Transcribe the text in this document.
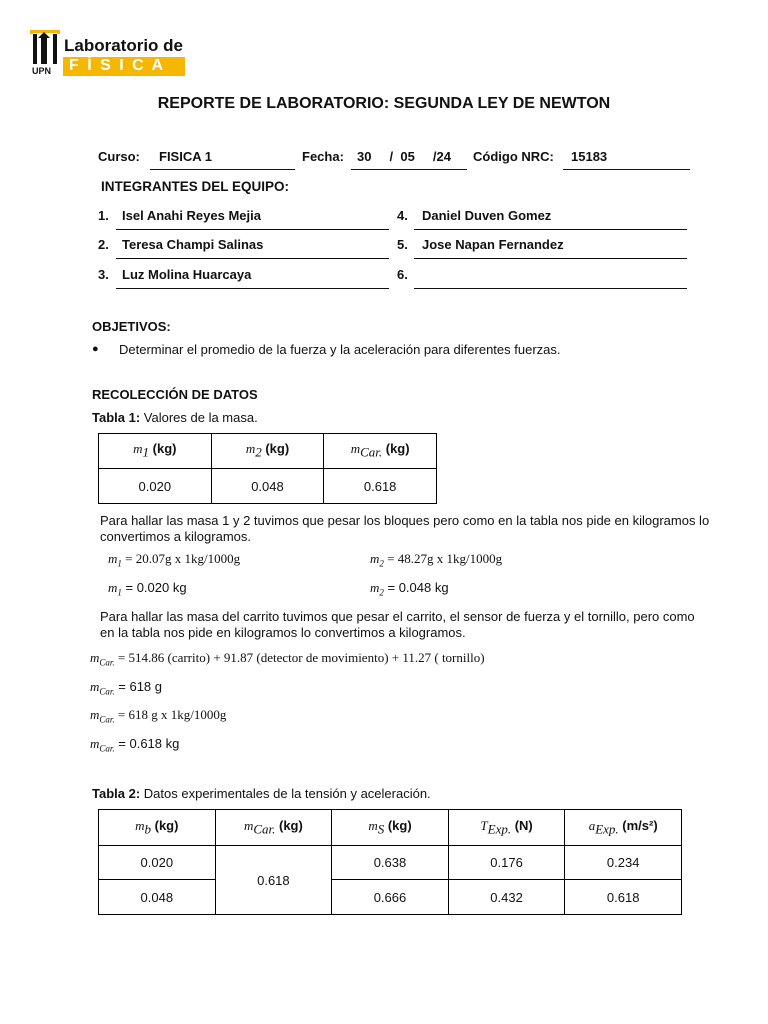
UPN
Laboratorio de
F Í S I C A
REPORTE DE LABORATORIO: SEGUNDA LEY DE NEWTON
Curso: FISICA 1	Fecha: 30     /  05     /24 Código NRC: 15183
INTEGRANTES DEL EQUIPO:
1. Isel Anahi Reyes Mejia
2. Teresa Champi Salinas
3. Luz Molina Huarcaya
4. Daniel Duven Gomez
5. Jose Napan Fernandez
6.
OBJETIVOS:
● Determinar el promedio de la fuerza y la aceleración para diferentes fuerzas.
RECOLECCIÓN DE DATOS
Tabla 1: Valores de la masa.
$m_1$ (kg)	$m_2$ (kg)	$m_{Car.}$ (kg)
0.020	0.048	0.618
Para hallar las masa 1 y 2 tuvimos que pesar los bloques pero como en la tabla nos pide en kilogramos lo convertimos a kilogramos.
$m_1 = 20.07g$ x 1kg/1000g	$m_2 = 48.27g$ x 1kg/1000g
$m_1 = 0.020$ kg	$m_2 = 0.048$ kg
Para hallar las masa del carrito tuvimos que pesar el carrito, el sensor de fuerza y el tornillo, pero como en la tabla nos pide en kilogramos lo convertimos a kilogramos.
$m_{Car.} = 514.86$ (carrito) + 91.87 (detector de movimiento) + 11.27 ( tornillo)
$m_{Car.} = 618$ g
$m_{Car.} = 618$ g x 1kg/1000g
$m_{Car.} = 0.618$ kg
Tabla 2: Datos experimentales de la tensión y aceleración.
$m_b$ (kg)	$m_{Car.}$ (kg)	$m_S$ (kg)	$T_{Exp.}$ (N)	$a_{Exp.}$ (m/s²)
0.020	0.618	0.638	0.176	0.234
0.048		0.666	0.432	0.618
